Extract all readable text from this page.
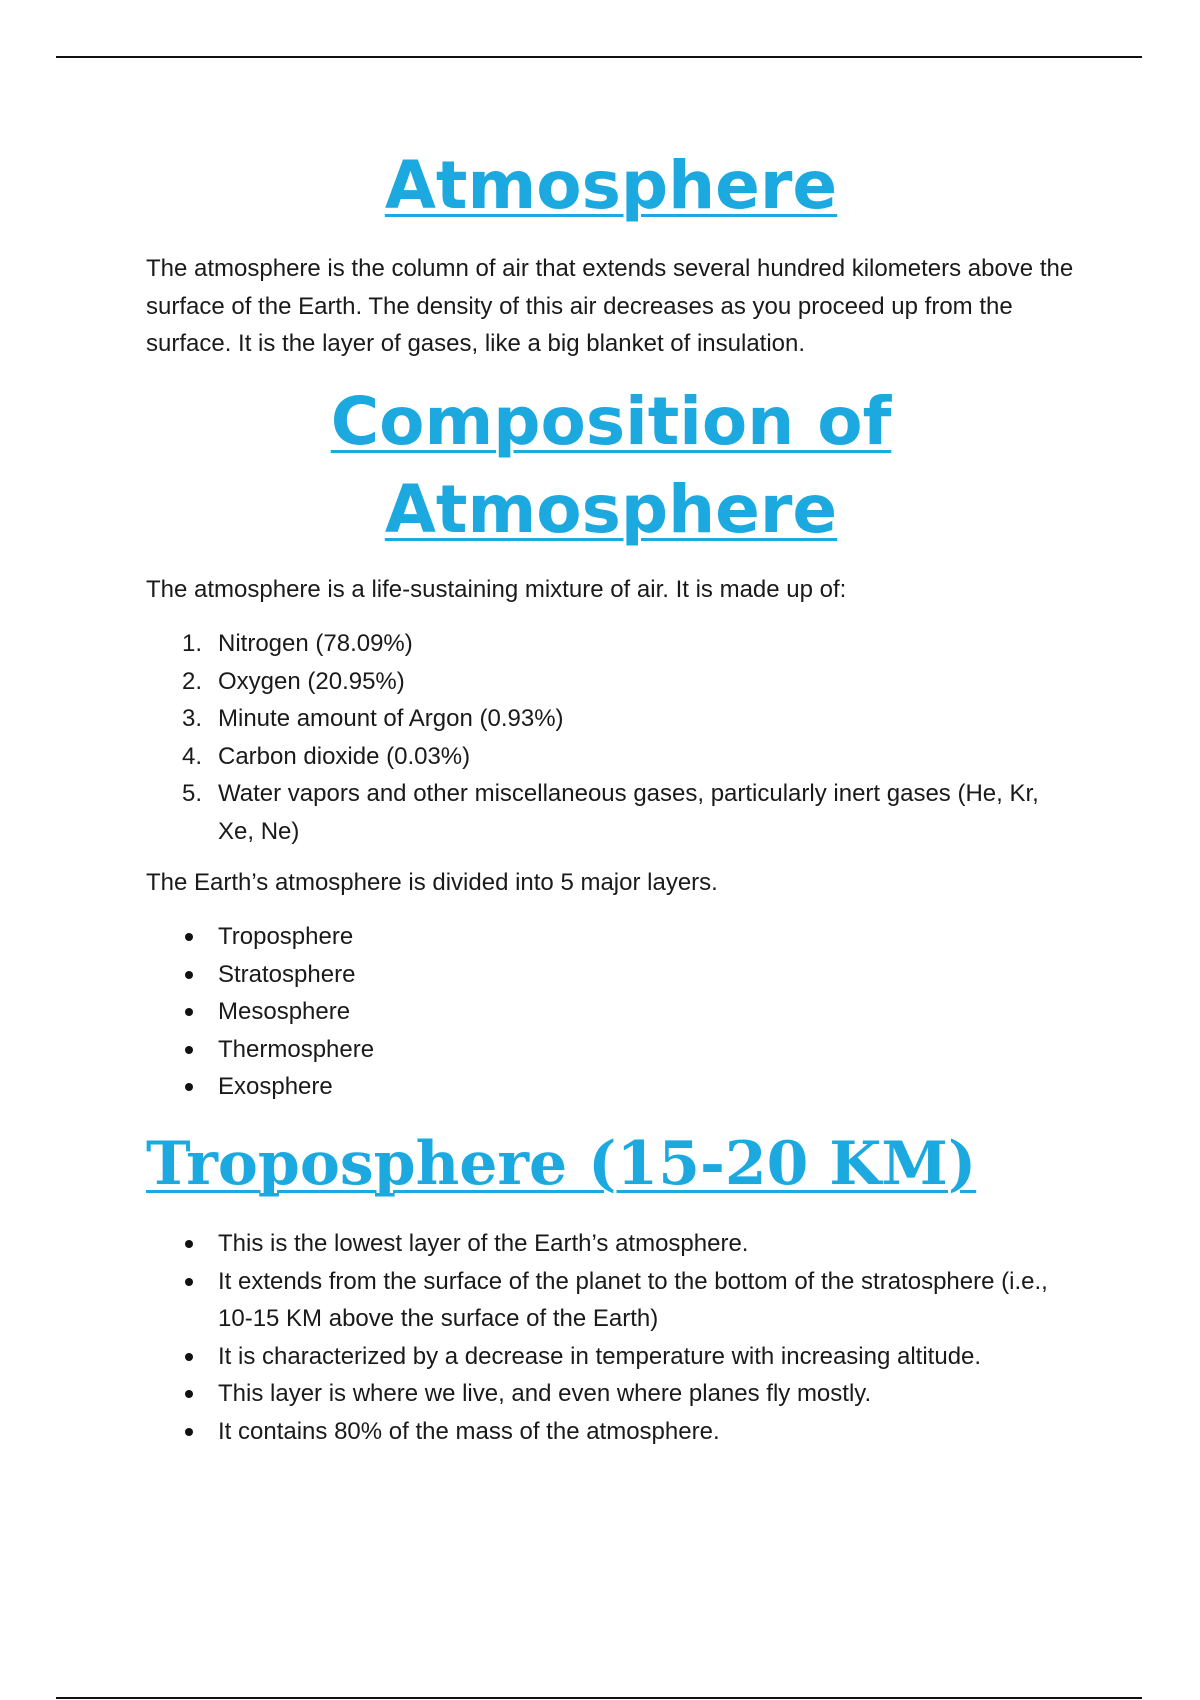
Atmosphere

The atmosphere is the column of air that extends several hundred kilometers above the surface of the Earth. The density of this air decreases as you proceed up from the surface. It is the layer of gases, like a big blanket of insulation.

Composition of
Atmosphere

The atmosphere is a life-sustaining mixture of air. It is made up of:

1. Nitrogen (78.09%)
2. Oxygen (20.95%)
3. Minute amount of Argon (0.93%)
4. Carbon dioxide (0.03%)
5. Water vapors and other miscellaneous gases, particularly inert gases (He, Kr, Xe, Ne)

The Earth’s atmosphere is divided into 5 major layers.

Troposphere
Stratosphere
Mesosphere
Thermosphere
Exosphere
Troposphere (15-20 KM)
This is the lowest layer of the Earth’s atmosphere.
It extends from the surface of the planet to the bottom of the stratosphere (i.e., 10-15 KM above the surface of the Earth)
It is characterized by a decrease in temperature with increasing altitude.
This layer is where we live, and even where planes fly mostly.
It contains 80% of the mass of the atmosphere.
